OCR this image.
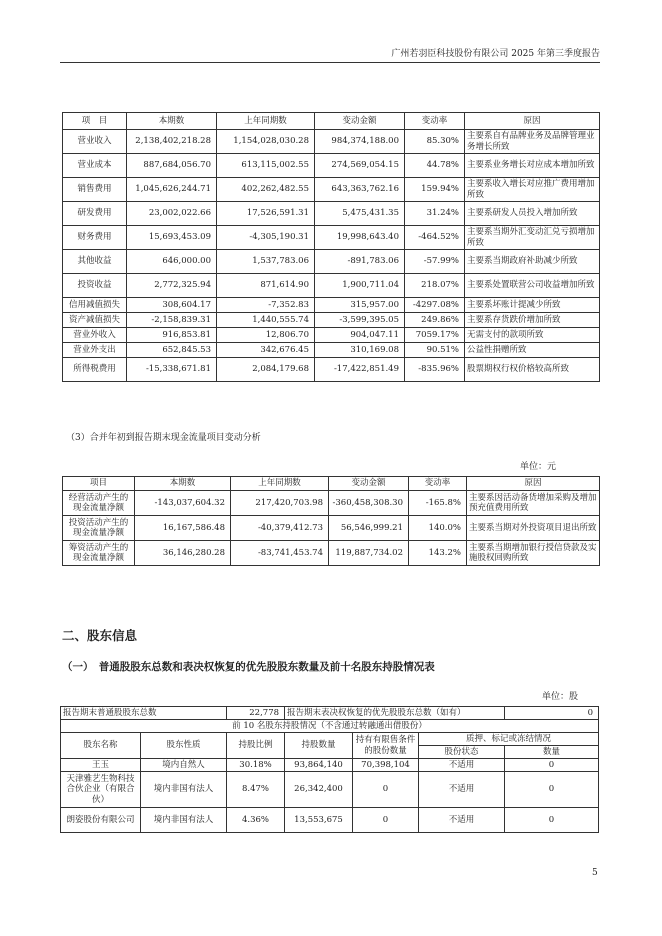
广州若羽臣科技股份有限公司 2025 年第三季度报告
项　目	本期数	上年同期数	变动金额	变动率	原因
营业收入	2,138,402,218.28	1,154,028,030.28	984,374,188.00	85.30%	主要系自有品牌业务及品牌管理业务增长所致
营业成本	887,684,056.70	613,115,002.55	274,569,054.15	44.78%	主要系业务增长对应成本增加所致
销售费用	1,045,626,244.71	402,262,482.55	643,363,762.16	159.94%	主要系收入增长对应推广费用增加所致
研发费用	23,002,022.66	17,526,591.31	5,475,431.35	31.24%	主要系研发人员投入增加所致
财务费用	15,693,453.09	-4,305,190.31	19,998,643.40	-464.52%	主要系当期外汇变动汇兑亏损增加所致
其他收益	646,000.00	1,537,783.06	-891,783.06	-57.99%	主要系当期政府补助减少所致
投资收益	2,772,325.94	871,614.90	1,900,711.04	218.07%	主要系处置联营公司收益增加所致
信用减值损失	308,604.17	-7,352.83	315,957.00	-4297.08%	主要系坏账计提减少所致
资产减值损失	-2,158,839.31	1,440,555.74	-3,599,395.05	249.86%	主要系存货跌价增加所致
营业外收入	916,853.81	12,806.70	904,047.11	7059.17%	无需支付的款项所致
营业外支出	652,845.53	342,676.45	310,169.08	90.51%	公益性捐赠所致
所得税费用	-15,338,671.81	2,084,179.68	-17,422,851.49	-835.96%	股票期权行权价格较高所致
（3）合并年初到报告期末现金流量项目变动分析
单位：元
项目	本期数	上年同期数	变动金额	变动率	原因
经营活动产生的现金流量净额	-143,037,604.32	217,420,703.98	-360,458,308.30	-165.8%	主要系因活动备货增加采购及增加预充值费用所致
投资活动产生的现金流量净额	16,167,586.48	-40,379,412.73	56,546,999.21	140.0%	主要系当期对外投资项目退出所致
筹资活动产生的现金流量净额	36,146,280.28	-83,741,453.74	119,887,734.02	143.2%	主要系当期增加银行授信贷款及实施股权回购所致
二、股东信息
（一）　普通股股东总数和表决权恢复的优先股股东数量及前十名股东持股情况表
单位：股
报告期末普通股股东总数		22,778	报告期末表决权恢复的优先股股东总数（如有）			0
前 10 名股东持股情况（不含通过转融通出借股份）						
股东名称	股东性质	持股比例	持股数量	持有有限售条件的股份数量	质押、标记或冻结情况	
					股份状态	数量
王玉	境内自然人	30.18%	93,864,140	70,398,104	不适用	0
天津雅艺生物科技合伙企业（有限合伙）	境内非国有法人	8.47%	26,342,400	0	不适用	0
朗姿股份有限公司	境内非国有法人	4.36%	13,553,675	0	不适用	0
5
